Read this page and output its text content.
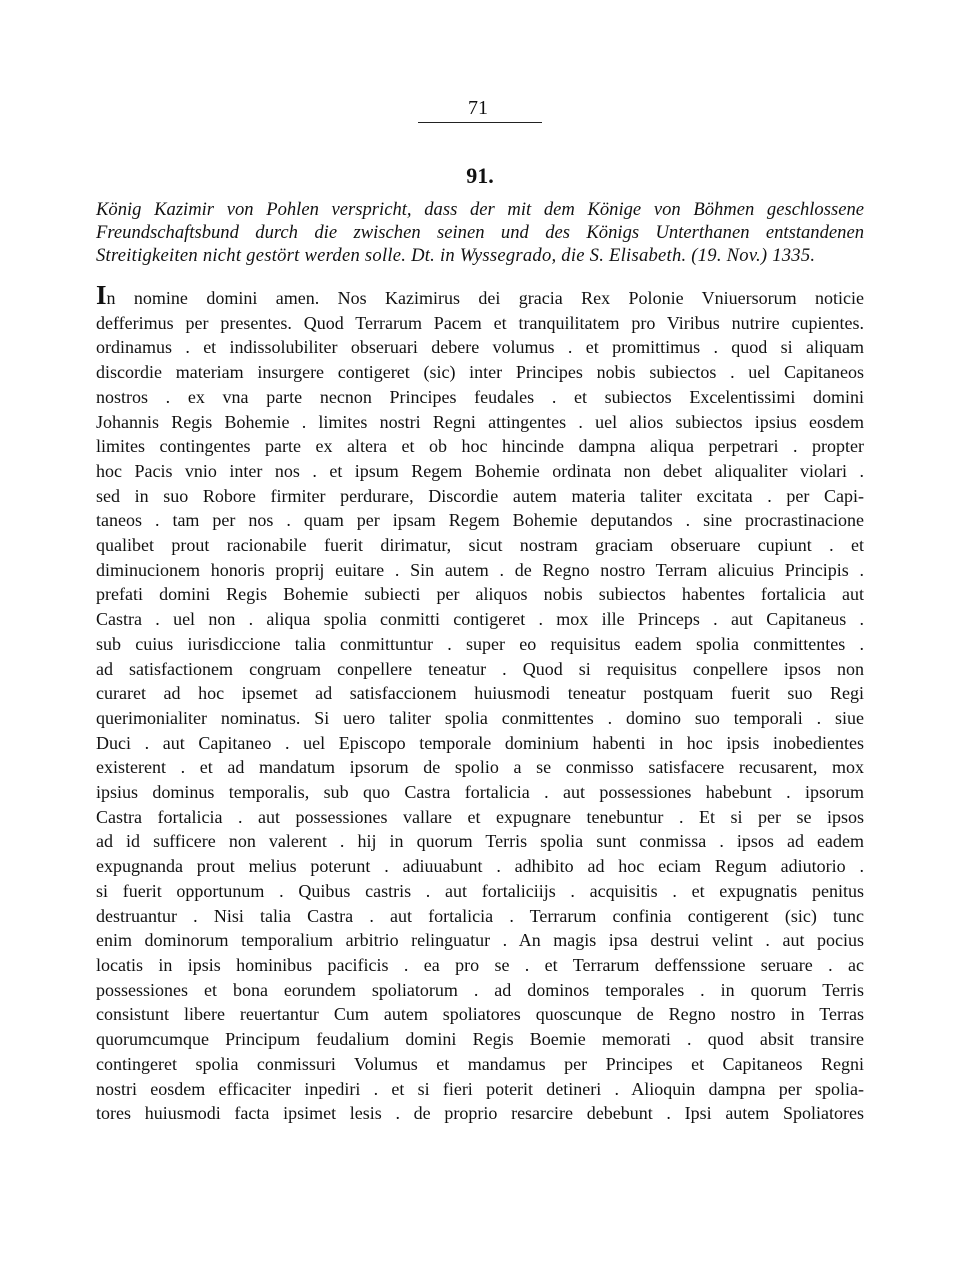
71
91.
König Kazimir von Pohlen verspricht, dass der mit dem Könige von Böhmen geschlossene
Freundschaftsbund durch die zwischen seinen und des Königs Unterthanen entstandenen
Streitigkeiten nicht gestört werden solle. Dt. in Wyssegrado, die S. Elisabeth. (19. Nov.) 1335.
In nomine domini amen. Nos Kazimirus dei gracia Rex Polonie Vniuersorum noticie
defferimus per presentes. Quod Terrarum Pacem et tranquilitatem pro Viribus nutrire cupientes.
ordinamus . et indissolubiliter obseruari debere volumus . et promittimus . quod si aliquam
discordie materiam insurgere contigeret (sic) inter Principes nobis subiectos . uel Capitaneos
nostros . ex vna parte necnon Principes feudales . et subiectos Excelentissimi domini
Johannis Regis Bohemie . limites nostri Regni attingentes . uel alios subiectos ipsius eosdem
limites contingentes parte ex altera et ob hoc hincinde dampna aliqua perpetrari . propter
hoc Pacis vnio inter nos . et ipsum Regem Bohemie ordinata non debet aliqualiter violari .
sed in suo Robore firmiter perdurare, Discordie autem materia taliter excitata . per Capi-
taneos . tam per nos . quam per ipsam Regem Bohemie deputandos . sine procrastinacione
qualibet prout racionabile fuerit dirimatur, sicut nostram graciam obseruare cupiunt . et
diminucionem honoris proprij euitare . Sin autem . de Regno nostro Terram alicuius Principis .
prefati domini Regis Bohemie subiecti per aliquos nobis subiectos habentes fortalicia aut
Castra . uel non . aliqua spolia conmitti contigeret . mox ille Princeps . aut Capitaneus .
sub cuius iurisdiccione talia conmittuntur . super eo requisitus eadem spolia conmittentes .
ad satisfactionem congruam conpellere teneatur . Quod si requisitus conpellere ipsos non
curaret ad hoc ipsemet ad satisfaccionem huiusmodi teneatur postquam fuerit suo Regi
querimonialiter nominatus. Si uero taliter spolia conmittentes . domino suo temporali . siue
Duci . aut Capitaneo . uel Episcopo temporale dominium habenti in hoc ipsis inobedientes
existerent . et ad mandatum ipsorum de spolio a se conmisso satisfacere recusarent, mox
ipsius dominus temporalis, sub quo Castra fortalicia . aut possessiones habebunt . ipsorum
Castra fortalicia . aut possessiones vallare et expugnare tenebuntur . Et si per se ipsos
ad id sufficere non valerent . hij in quorum Terris spolia sunt conmissa . ipsos ad eadem
expugnanda prout melius poterunt . adiuuabunt . adhibito ad hoc eciam Regum adiutorio .
si fuerit opportunum . Quibus castris . aut fortaliciijs . acquisitis . et expugnatis penitus
destruantur . Nisi talia Castra . aut fortalicia . Terrarum confinia contigerent (sic) tunc
enim dominorum temporalium arbitrio relinguatur . An magis ipsa destrui velint . aut pocius
locatis in ipsis hominibus pacificis . ea pro se . et Terrarum deffenssione seruare . ac
possessiones et bona eorundem spoliatorum . ad dominos temporales . in quorum Terris
consistunt libere reuertantur Cum autem spoliatores quoscunque de Regno nostro in Terras
quorumcumque Principum feudalium domini Regis Boemie memorati . quod absit transire
contingeret spolia conmissuri Volumus et mandamus per Principes et Capitaneos Regni
nostri eosdem efficaciter inpediri . et si fieri poterit detineri . Alioquin dampna per spolia-
tores huiusmodi facta ipsimet lesis . de proprio resarcire debebunt . Ipsi autem Spoliatores
